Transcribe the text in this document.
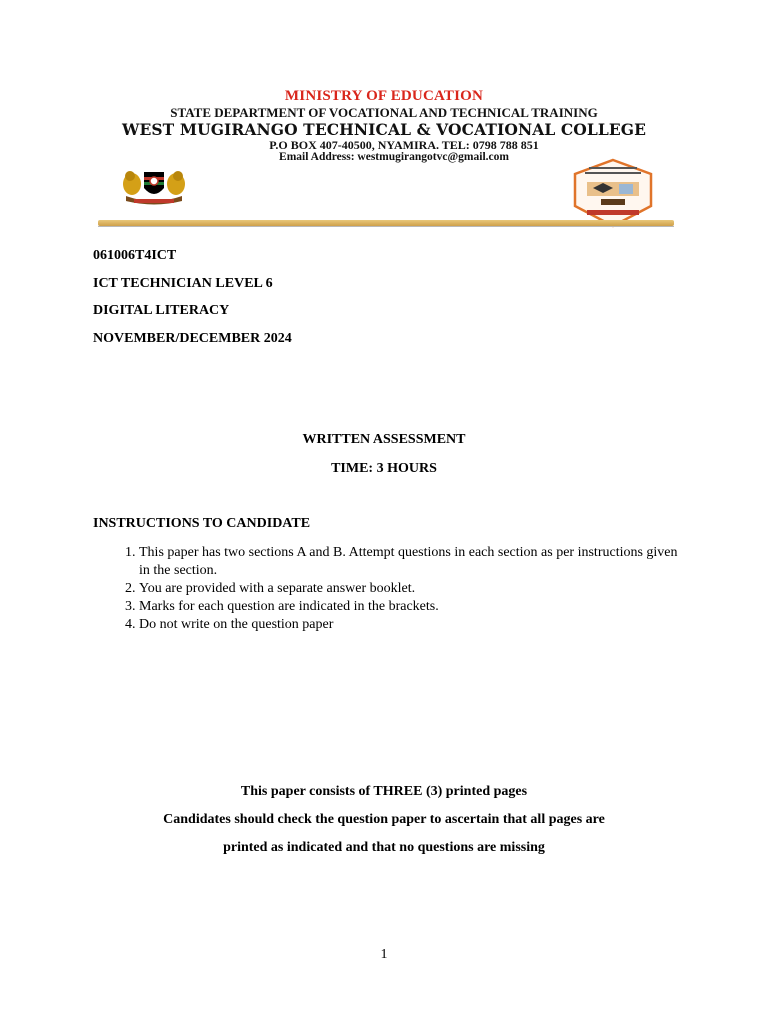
MINISTRY OF EDUCATION
STATE DEPARTMENT OF VOCATIONAL AND TECHNICAL TRAINING
WEST MUGIRANGO TECHNICAL & VOCATIONAL COLLEGE
P.O BOX 407-40500, NYAMIRA. TEL: 0798 788 851
Email Address: westmugirangotvc@gmail.com
061006T4ICT
ICT TECHNICIAN LEVEL 6
DIGITAL LITERACY
NOVEMBER/DECEMBER 2024
WRITTEN ASSESSMENT
TIME: 3 HOURS
INSTRUCTIONS TO CANDIDATE
1. This paper has two sections A and B. Attempt questions in each section as per instructions given in the section.
2. You are provided with a separate answer booklet.
3. Marks for each question are indicated in the brackets.
4. Do not write on the question paper
This paper consists of THREE (3) printed pages
Candidates should check the question paper to ascertain that all pages are
printed as indicated and that no questions are missing
1
